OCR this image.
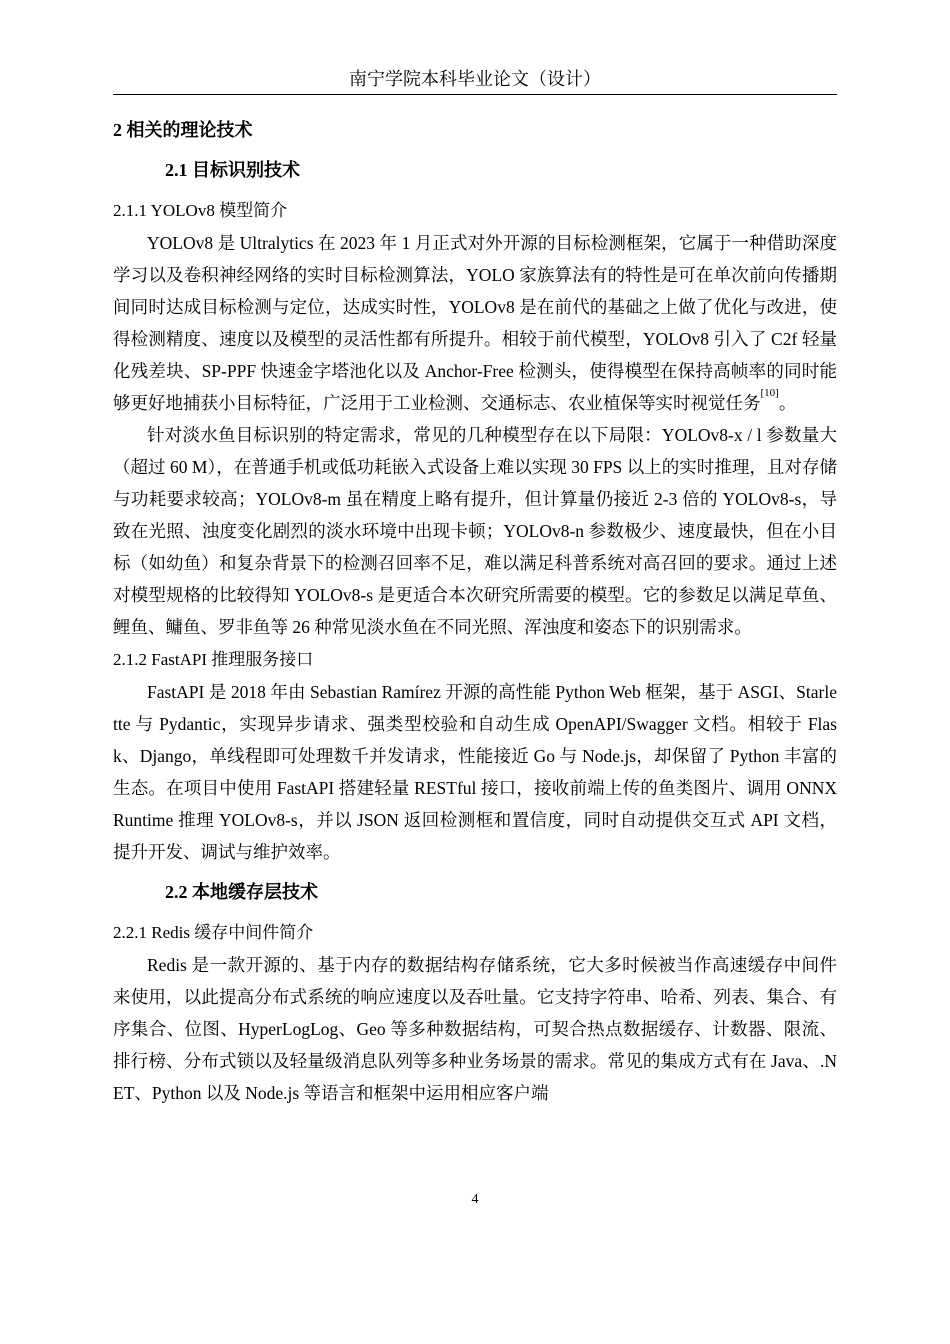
南宁学院本科毕业论文（设计）
2 相关的理论技术
2.1 目标识别技术
2.1.1 YOLOv8 模型简介

YOLOv8 是 Ultralytics 在 2023 年 1 月正式对外开源的目标检测框架，它属于一种借助深度学习以及卷积神经网络的实时目标检测算法，YOLO 家族算法有的特性是可在单次前向传播期间同时达成目标检测与定位，达成实时性，YOLOv8 是在前代的基础之上做了优化与改进，使得检测精度、速度以及模型的灵活性都有所提升。相较于前代模型，YOLOv8 引入了 C2f 轻量化残差块、SP-PPF 快速金字塔池化以及 Anchor-Free 检测头，使得模型在保持高帧率的同时能够更好地捕获小目标特征，广泛用于工业检测、交通标志、农业植保等实时视觉任务[10]。

针对淡水鱼目标识别的特定需求，常见的几种模型存在以下局限：YOLOv8-x / l 参数量大（超过 60 M），在普通手机或低功耗嵌入式设备上难以实现 30 FPS 以上的实时推理，且对存储与功耗要求较高；YOLOv8-m 虽在精度上略有提升，但计算量仍接近 2-3 倍的 YOLOv8-s，导致在光照、浊度变化剧烈的淡水环境中出现卡顿；YOLOv8-n 参数极少、速度最快，但在小目标（如幼鱼）和复杂背景下的检测召回率不足，难以满足科普系统对高召回的要求。通过上述对模型规格的比较得知 YOLOv8-s 是更适合本次研究所需要的模型。它的参数足以满足草鱼、鲤鱼、鳙鱼、罗非鱼等 26 种常见淡水鱼在不同光照、浑浊度和姿态下的识别需求。

2.1.2 FastAPI 推理服务接口

FastAPI 是 2018 年由 Sebastian Ramírez 开源的高性能 Python Web 框架，基于 ASGI、Starlette 与 Pydantic，实现异步请求、强类型校验和自动生成 OpenAPI/Swagger 文档。相较于 Flask、Django，单线程即可处理数千并发请求，性能接近 Go 与 Node.js，却保留了 Python 丰富的生态。在项目中使用 FastAPI 搭建轻量 RESTful 接口，接收前端上传的鱼类图片、调用 ONNX Runtime 推理 YOLOv8-s，并以 JSON 返回检测框和置信度，同时自动提供交互式 API 文档，提升开发、调试与维护效率。

2.2 本地缓存层技术
2.2.1 Redis 缓存中间件简介

Redis 是一款开源的、基于内存的数据结构存储系统，它大多时候被当作高速缓存中间件来使用，以此提高分布式系统的响应速度以及吞吐量。它支持字符串、哈希、列表、集合、有序集合、位图、HyperLogLog、Geo 等多种数据结构，可契合热点数据缓存、计数器、限流、排行榜、分布式锁以及轻量级消息队列等多种业务场景的需求。常见的集成方式有在 Java、.NET、Python 以及 Node.js 等语言和框架中运用相应客户端

4
